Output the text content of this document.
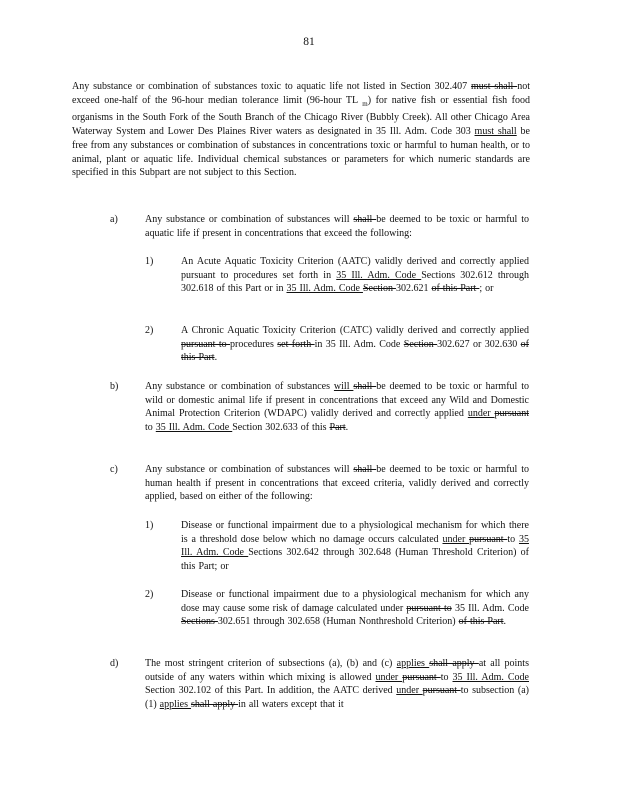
81
Any substance or combination of substances toxic to aquatic life not listed in Section 302.407 must shall not exceed one-half of the 96-hour median tolerance limit (96-hour TL $_m$) for native fish or essential fish food organisms in the South Fork of the South Branch of the Chicago River (Bubbly Creek). All other Chicago Area Waterway System and Lower Des Plaines River waters as designated in 35 Ill. Adm. Code 303 must shall be free from any substances or combination of substances in concentrations toxic or harmful to human health, or to animal, plant or aquatic life. Individual chemical substances or parameters for which numeric standards are specified in this Subpart are not subject to this Section.
a)	Any substance or combination of substances will shall be deemed to be toxic or harmful to aquatic life if present in concentrations that exceed the following:
1)	An Acute Aquatic Toxicity Criterion (AATC) validly derived and correctly applied pursuant to procedures set forth in 35 Ill. Adm. Code Sections 302.612 through 302.618 of this Part or in 35 Ill. Adm. Code Section 302.621 of this Part ; or
2)	A Chronic Aquatic Toxicity Criterion (CATC) validly derived and correctly applied pursuant to procedures set forth in 35 Ill. Adm. Code Section 302.627 or 302.630 of this Part.
b)	Any substance or combination of substances will shall be deemed to be toxic or harmful to wild or domestic animal life if present in concentrations that exceed any Wild and Domestic Animal Protection Criterion (WDAPC) validly derived and correctly applied under pursuant to 35 Ill. Adm. Code Section 302.633 of this Part.
c)	Any substance or combination of substances will shall be deemed to be toxic or harmful to human health if present in concentrations that exceed criteria, validly derived and correctly applied, based on either of the following:
1)	Disease or functional impairment due to a physiological mechanism for which there is a threshold dose below which no damage occurs calculated under pursuant to 35 Ill. Adm. Code Sections 302.642 through 302.648 (Human Threshold Criterion) of this Part; or
2)	Disease or functional impairment due to a physiological mechanism for which any dose may cause some risk of damage calculated under pursuant to 35 Ill. Adm. Code Sections 302.651 through 302.658 (Human Nonthreshold Criterion) of this Part.
d)	The most stringent criterion of subsections (a), (b) and (c) applies shall apply at all points outside of any waters within which mixing is allowed under pursuant to 35 Ill. Adm. Code Section 302.102 of this Part. In addition, the AATC derived under pursuant to subsection (a)(1) applies shall apply in all waters except that it
